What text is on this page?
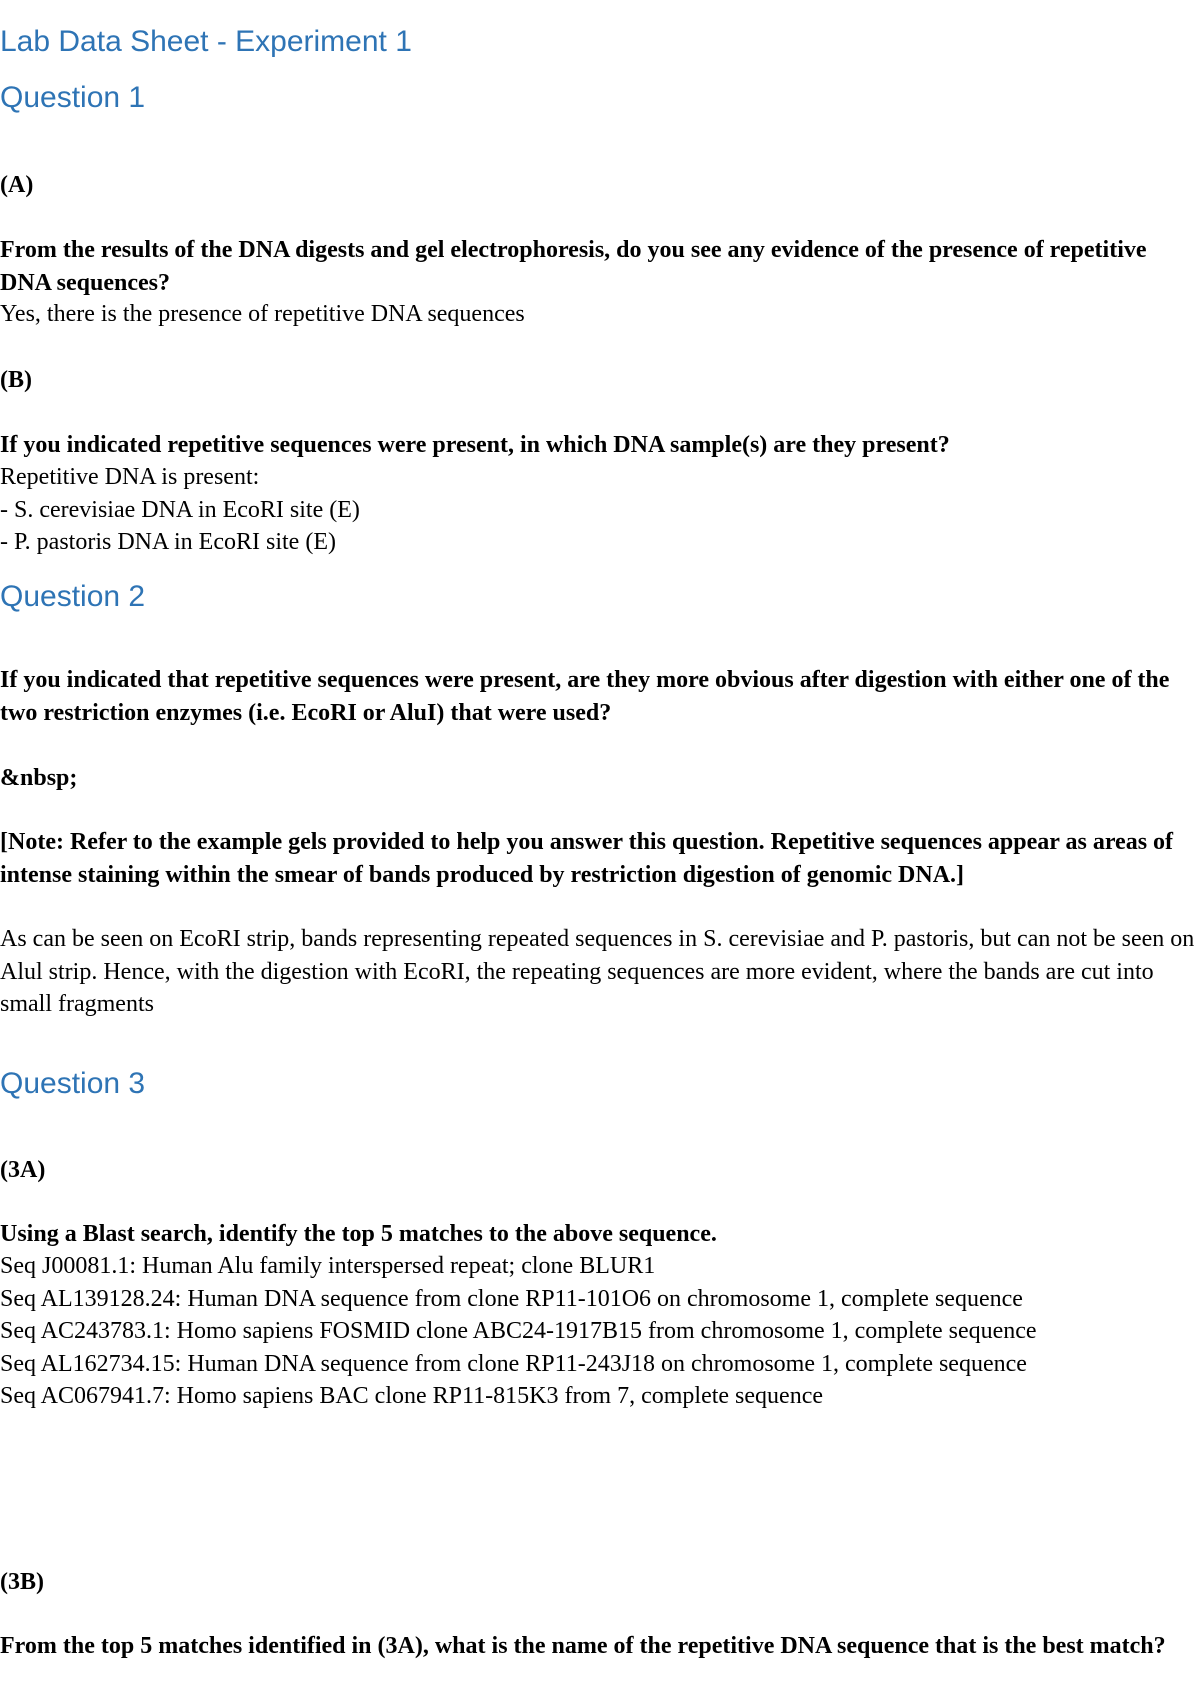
Lab Data Sheet - Experiment 1
Question 1
(A)
From the results of the DNA digests and gel electrophoresis, do you see any evidence of the presence of repetitive DNA sequences?
Yes, there is the presence of repetitive DNA sequences
(B)
If you indicated repetitive sequences were present, in which DNA sample(s) are they present?
Repetitive DNA is present:
- S. cerevisiae DNA in EcoRI site (E)
- P. pastoris DNA in EcoRI site (E)
Question 2
If you indicated that repetitive sequences were present, are they more obvious after digestion with either one of the two restriction enzymes (i.e. EcoRI or AluI) that were used?
&nbsp;
[Note: Refer to the example gels provided to help you answer this question. Repetitive sequences appear as areas of intense staining within the smear of bands produced by restriction digestion of genomic DNA.]
As can be seen on EcoRI strip, bands representing repeated sequences in S. cerevisiae and P. pastoris, but can not be seen on Alul strip. Hence, with the digestion with EcoRI, the repeating sequences are more evident, where the bands are cut into small fragments
Question 3
(3A)
Using a Blast search, identify the top 5 matches to the above sequence.
Seq J00081.1: Human Alu family interspersed repeat; clone BLUR1
Seq AL139128.24: Human DNA sequence from clone RP11-101O6 on chromosome 1, complete sequence
Seq AC243783.1: Homo sapiens FOSMID clone ABC24-1917B15 from chromosome 1, complete sequence
Seq AL162734.15: Human DNA sequence from clone RP11-243J18 on chromosome 1, complete sequence
Seq AC067941.7: Homo sapiens BAC clone RP11-815K3 from 7, complete sequence
(3B)
From the top 5 matches identified in (3A), what is the name of the repetitive DNA sequence that is the best match?
